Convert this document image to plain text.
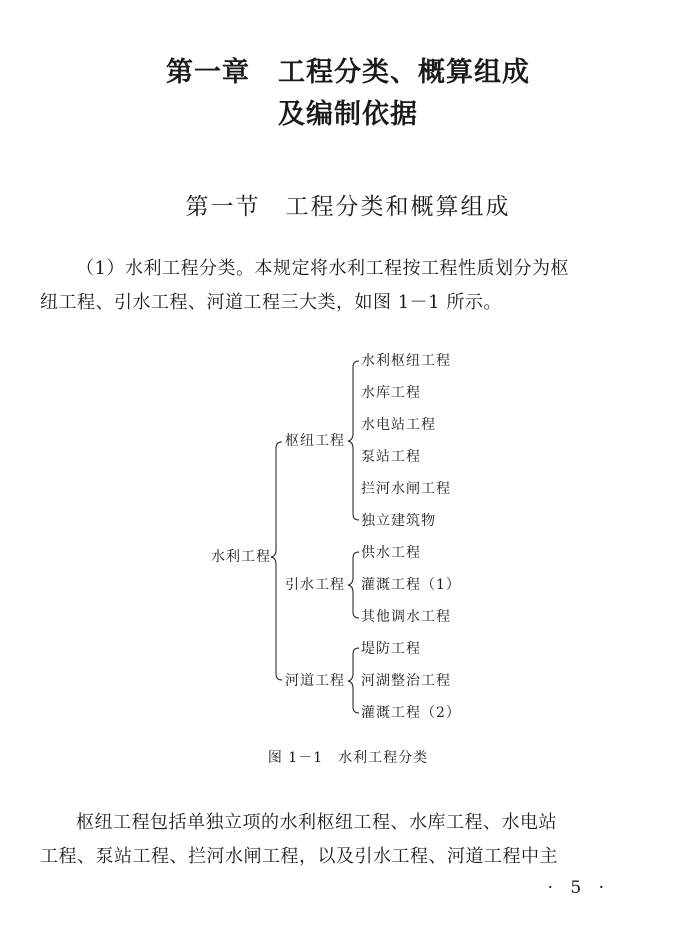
第一章　工程分类、概算组成
及编制依据
第一节　工程分类和概算组成

（1）水利工程分类。本规定将水利工程按工程性质划分为枢
纽工程、引水工程、河道工程三大类，如图 1－1 所示。

水利工程
枢纽工程
引水工程
河道工程
水利枢纽工程
水库工程
水电站工程
泵站工程
拦河水闸工程
独立建筑物
供水工程
灌溉工程（1）
其他调水工程
堤防工程
河湖整治工程
灌溉工程（2）
图 1－1　水利工程分类

枢纽工程包括单独立项的水利枢纽工程、水库工程、水电站
工程、泵站工程、拦河水闸工程，以及引水工程、河道工程中主

· 5 ·
